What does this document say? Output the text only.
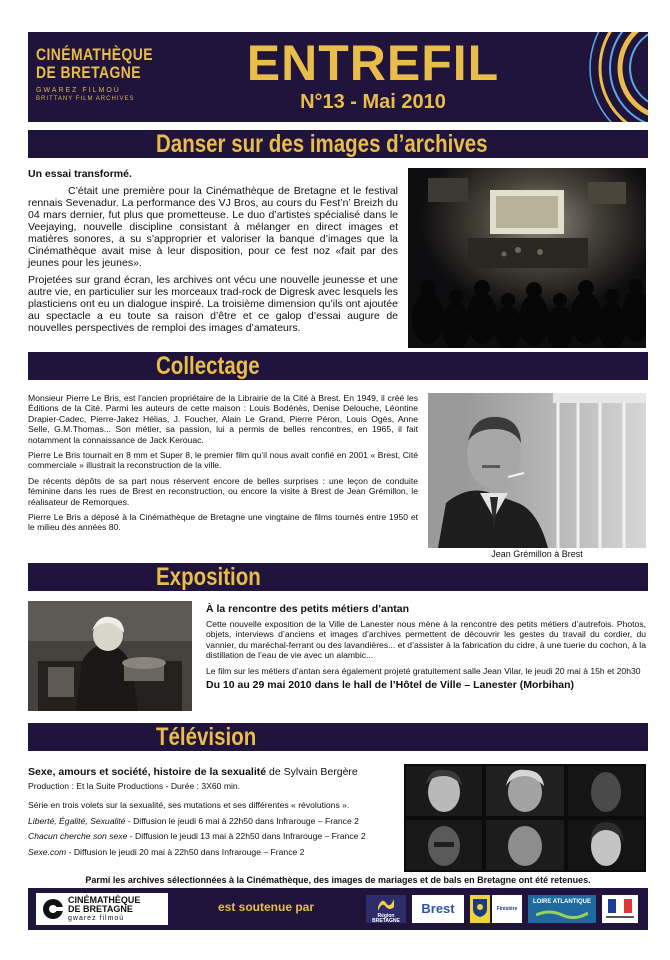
CINÉMATHÈQUE
DE BRETAGNE
GWAREZ FILMOÙ
BRITTANY FILM ARCHIVES
ENTREFIL
N°13 - Mai 2010
Danser sur des images d’archives

Un essai transformé.

C’était une première pour la Cinémathèque de Bretagne et le festival rennais Sevenadur. La performance des VJ Bros, au cours du Fest’n’ Breizh du 04 mars dernier, fut plus que prometteuse. Le duo d’artistes spécialisé dans le Veejaying, nouvelle discipline consistant à mélanger en direct images et matières sonores, a su s’approprier et valoriser la banque d’images que la Cinémathèque avait mise à leur disposition, pour ce fest noz «fait par des jeunes pour les jeunes».

Projetées sur grand écran, les archives ont vécu une nouvelle jeunesse et une autre vie, en particulier sur les morceaux trad-rock de Digresk avec lesquels les plasticiens ont eu un dialogue inspiré. La troisième dimension qu’ils ont ajoutée au spectacle a eu toute sa raison d’être et ce galop d’essai augure de nouvelles perspectives de remploi des images d’amateurs.

Collectage

Monsieur Pierre Le Bris, est l’ancien propriétaire de la Librairie de la Cité à Brest. En 1949, il créé les Éditions de la Cité. Parmi les auteurs de cette maison : Louis Bodénès, Denise Delouche, Léontine Drapier-Cadec, Pierre-Jakez Hélias, J. Foucher, Alain Le Grand, Pierre Péron, Louis Ogès, Anne Selle, G.M.Thomas... Son métier, sa passion, lui a permis de belles rencontres, en 1965, il fait notamment la connaissance de Jack Kerouac.

Pierre Le Bris tournait en 8 mm et Super 8, le premier film qu’il nous avait confié en 2001 « Brest, Cité commerciale » illustrait la reconstruction de la ville.

De récents dépôts de sa part nous réservent encore de belles surprises : une leçon de conduite féminine dans les rues de Brest en reconstruction, ou encore la visite à Brest de Jean Grémillon, le réalisateur de Remorques.

Pierre Le Bris a déposé à la Cinémathèque de Bretagne une vingtaine de films tournés entre 1950 et le milieu des années 80.

Jean Grémillon à Brest
Exposition

À la rencontre des petits métiers d’antan

Cette nouvelle exposition de la Ville de Lanester nous mène à la rencontre des petits métiers d’autrefois. Photos, objets, interviews d’anciens et images d’archives permettent de découvrir les gestes du travail du cordier, du vannier, du maréchal-ferrant ou des lavandières... et d’assister à la fabrication du cidre, à une tuerie du cochon, à la distillation de l’eau de vie avec un alambic...

Le film sur les métiers d’antan sera également projeté gratuitement salle Jean Vilar, le jeudi 20 mai à 15h et 20h30

Du 10 au 29 mai 2010 dans le hall de l’Hôtel de Ville – Lanester (Morbihan)

Télévision

Sexe, amours et société, histoire de la sexualité de Sylvain Bergère

Production : Et la Suite Productions - Durée : 3X60 min.

Série en trois volets sur la sexualité, ses mutations et ses différentes « révolutions ».

Liberté, Égalité, Sexualité - Diffusion le jeudi 6 mai à 22h50 dans Infrarouge – France 2

Chacun cherche son sexe - Diffusion le jeudi 13 mai à 22h50 dans Infrarouge – France 2

Sexe.com - Diffusion le jeudi 20 mai à 22h50 dans Infrarouge – France 2

Parmi les archives sélectionnées à la Cinémathèque, des images de mariages et de bals en Bretagne ont été retenues.
CINÉMATHÈQUE
DE BRETAGNE
gwarez filmoù
est soutenue par
Région BRETAGNE
Brest	Finistère
LOIRE ATLANTIQUE
